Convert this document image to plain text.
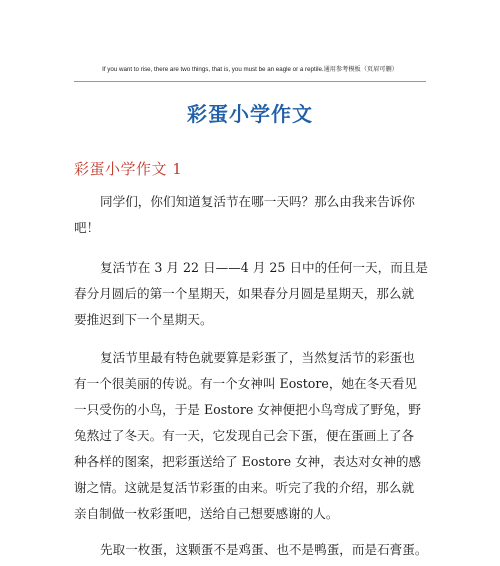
If you want to rise, there are two things, that is, you must be an eagle or a reptile.通用参考模板（页眉可删）
彩蛋小学作文
彩蛋小学作文 1
同学们，你们知道复活节在哪一天吗？那么由我来告诉你
吧！
复活节在 3 月 22 日——4 月 25 日中的任何一天，而且是
春分月圆后的第一个星期天，如果春分月圆是星期天，那么就
要推迟到下一个星期天。
复活节里最有特色就要算是彩蛋了，当然复活节的彩蛋也
有一个很美丽的传说。有一个女神叫 Eostore，她在冬天看见
一只受伤的小鸟，于是 Eostore 女神便把小鸟弯成了野兔，野
兔熬过了冬天。有一天，它发现自己会下蛋，便在蛋画上了各
种各样的图案，把彩蛋送给了 Eostore 女神，表达对女神的感
谢之情。这就是复活节彩蛋的由来。听完了我的介绍，那么就
亲自制做一枚彩蛋吧，送给自己想要感谢的人。
先取一枚蛋，这颗蛋不是鸡蛋、也不是鸭蛋，而是石膏蛋。
